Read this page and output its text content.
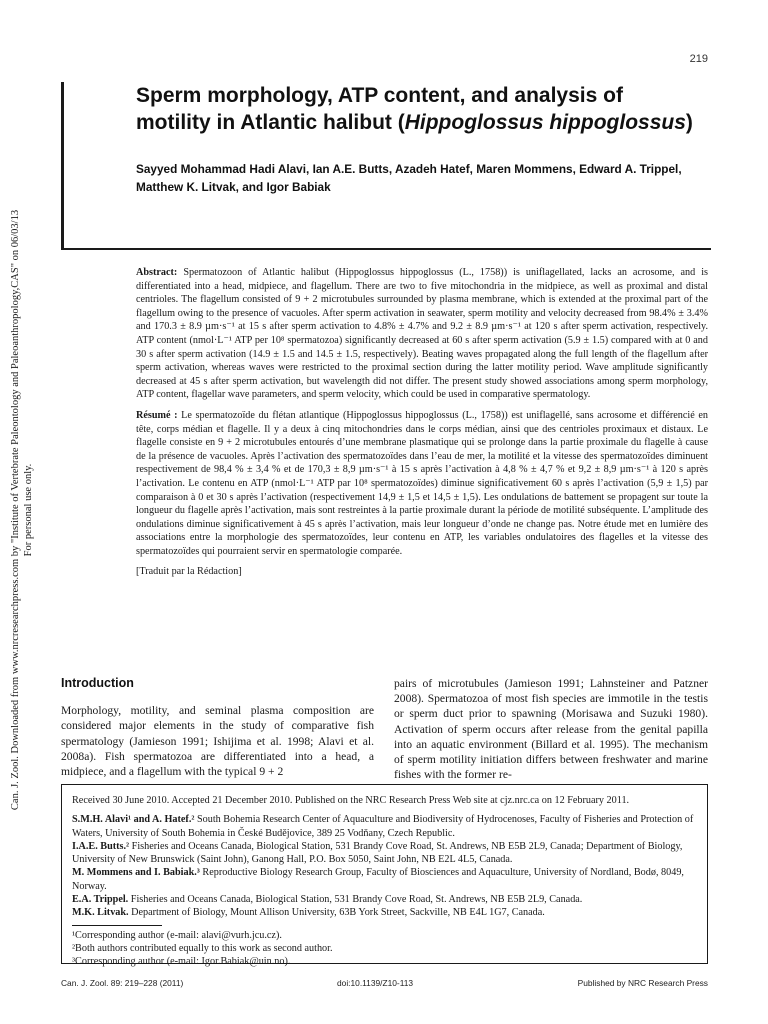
Can. J. Zool. Downloaded from www.nrcresearchpress.com by "Institute of Vertebrate Paleontology and Paleoanthropology,CAS" on 06/03/13 For personal use only.
219
Sperm morphology, ATP content, and analysis of motility in Atlantic halibut (Hippoglossus hippoglossus)
Sayyed Mohammad Hadi Alavi, Ian A.E. Butts, Azadeh Hatef, Maren Mommens, Edward A. Trippel, Matthew K. Litvak, and Igor Babiak

Abstract: Spermatozoon of Atlantic halibut (Hippoglossus hippoglossus (L., 1758)) is uniflagellated, lacks an acrosome, and is differentiated into a head, midpiece, and flagellum. There are two to five mitochondria in the midpiece, as well as proximal and distal centrioles. The flagellum consisted of 9 + 2 microtubules surrounded by plasma membrane, which is extended at the proximal part of the flagellum owing to the presence of vacuoles. After sperm activation in seawater, sperm motility and velocity decreased from 98.4% ± 3.4% and 170.3 ± 8.9 µm·s⁻¹ at 15 s after sperm activation to 4.8% ± 4.7% and 9.2 ± 8.9 µm·s⁻¹ at 120 s after sperm activation, respectively. ATP content (nmol·L⁻¹ ATP per 10⁸ spermatozoa) significantly decreased at 60 s after sperm activation (5.9 ± 1.5) compared with at 0 and 30 s after sperm activation (14.9 ± 1.5 and 14.5 ± 1.5, respectively). Beating waves propagated along the full length of the flagellum after sperm activation, whereas waves were restricted to the proximal section during the latter motility period. Wave amplitude significantly decreased at 45 s after sperm activation, but wavelength did not differ. The present study showed associations among sperm morphology, ATP content, flagellar wave parameters, and sperm velocity, which could be used in comparative spermatology.

Résumé : Le spermatozoïde du flétan atlantique (Hippoglossus hippoglossus (L., 1758)) est uniflagellé, sans acrosome et différencié en tête, corps médian et flagelle. Il y a deux à cinq mitochondries dans le corps médian, ainsi que des centrioles proximaux et distaux. Le flagelle consiste en 9 + 2 microtubules entourés d’une membrane plasmatique qui se prolonge dans la partie proximale du flagelle à cause de la présence de vacuoles. Après l’activation des spermatozoïdes dans l’eau de mer, la motilité et la vitesse des spermatozoïdes diminuent respectivement de 98,4 % ± 3,4 % et de 170,3 ± 8,9 µm·s⁻¹ à 15 s après l’activation à 4,8 % ± 4,7 % et 9,2 ± 8,9 µm·s⁻¹ à 120 s après l’activation. Le contenu en ATP (nmol·L⁻¹ ATP par 10⁸ spermatozoïdes) diminue significativement 60 s après l’activation (5,9 ± 1,5) par comparaison à 0 et 30 s après l’activation (respectivement 14,9 ± 1,5 et 14,5 ± 1,5). Les ondulations de battement se propagent sur toute la longueur du flagelle après l’activation, mais sont restreintes à la partie proximale durant la période de motilité subséquente. L’amplitude des ondulations diminue significativement à 45 s après l’activation, mais leur longueur d’onde ne change pas. Notre étude met en lumière des associations entre la morphologie des spermatozoïdes, leur contenu en ATP, les variables ondulatoires des flagelles et la vitesse des spermatozoïdes qui pourraient servir en spermatologie comparée.

[Traduit par la Rédaction]

Introduction

Morphology, motility, and seminal plasma composition are considered major elements in the study of comparative fish spermatology (Jamieson 1991; Ishijima et al. 1998; Alavi et al. 2008a). Fish spermatozoa are differentiated into a head, a midpiece, and a flagellum with the typical 9 + 2

pairs of microtubules (Jamieson 1991; Lahnsteiner and Patzner 2008). Spermatozoa of most fish species are immotile in the testis or sperm duct prior to spawning (Morisawa and Suzuki 1980). Activation of sperm occurs after release from the genital papilla into an aquatic environment (Billard et al. 1995). The mechanism of sperm motility initiation differs between freshwater and marine fishes with the former re-

Received 30 June 2010. Accepted 21 December 2010. Published on the NRC Research Press Web site at cjz.nrc.ca on 12 February 2011.

S.M.H. Alavi¹ and A. Hatef.² South Bohemia Research Center of Aquaculture and Biodiversity of Hydrocenoses, Faculty of Fisheries and Protection of Waters, University of South Bohemia in České Budějovice, 389 25 Vodňany, Czech Republic.

I.A.E. Butts.² Fisheries and Oceans Canada, Biological Station, 531 Brandy Cove Road, St. Andrews, NB E5B 2L9, Canada; Department of Biology, University of New Brunswick (Saint John), Ganong Hall, P.O. Box 5050, Saint John, NB E2L 4L5, Canada.

M. Mommens and I. Babiak.³ Reproductive Biology Research Group, Faculty of Biosciences and Aquaculture, University of Nordland, Bodø, 8049, Norway.

E.A. Trippel. Fisheries and Oceans Canada, Biological Station, 531 Brandy Cove Road, St. Andrews, NB E5B 2L9, Canada.

M.K. Litvak. Department of Biology, Mount Allison University, 63B York Street, Sackville, NB E4L 1G7, Canada.

¹Corresponding author (e-mail: alavi@vurh.jcu.cz).

²Both authors contributed equally to this work as second author.

³Corresponding author (e-mail: Igor.Babiak@uin.no).

Can. J. Zool. 89: 219–228 (2011)	doi:10.1139/Z10-113	Published by NRC Research Press
